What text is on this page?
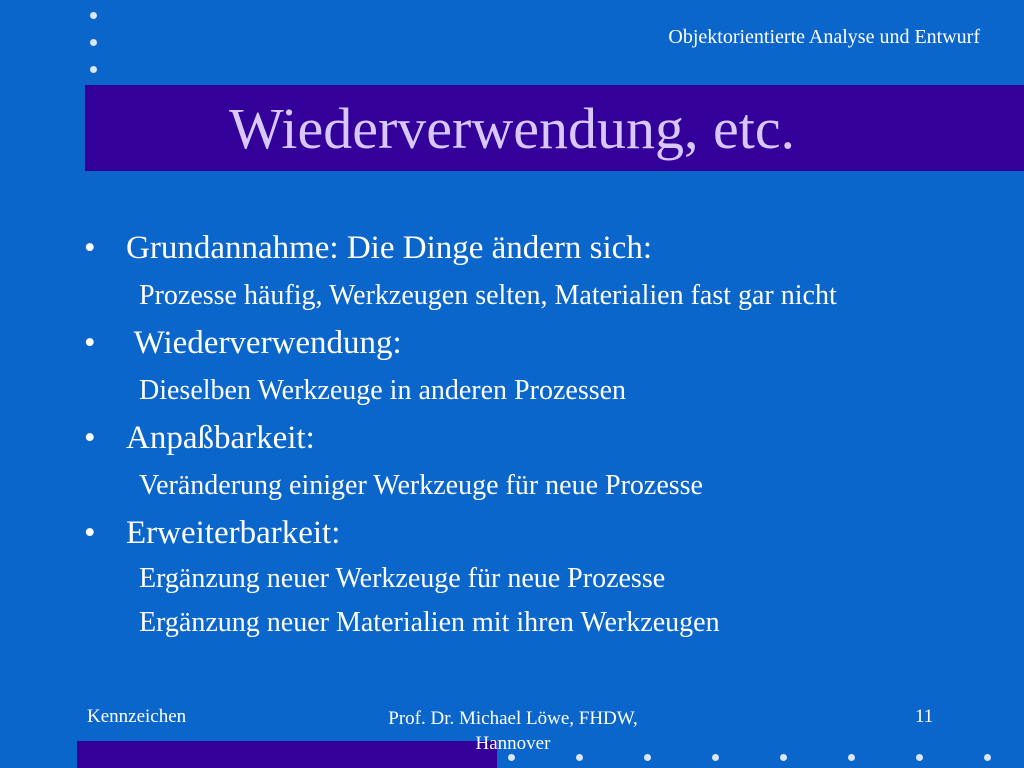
Objektorientierte Analyse und Entwurf
Wiederverwendung, etc.
• Grundannahme: Die Dinge ändern sich:
Prozesse häufig, Werkzeugen selten, Materialien fast gar nicht
• Wiederverwendung:
Dieselben Werkzeuge in anderen Prozessen
• Anpaßbarkeit:
Veränderung einiger Werkzeuge für neue Prozesse
• Erweiterbarkeit:
Ergänzung neuer Werkzeuge für neue Prozesse
Ergänzung neuer Materialien mit ihren Werkzeugen
Kennzeichen	Prof. Dr. Michael Löwe, FHDW,
Hannover
11
